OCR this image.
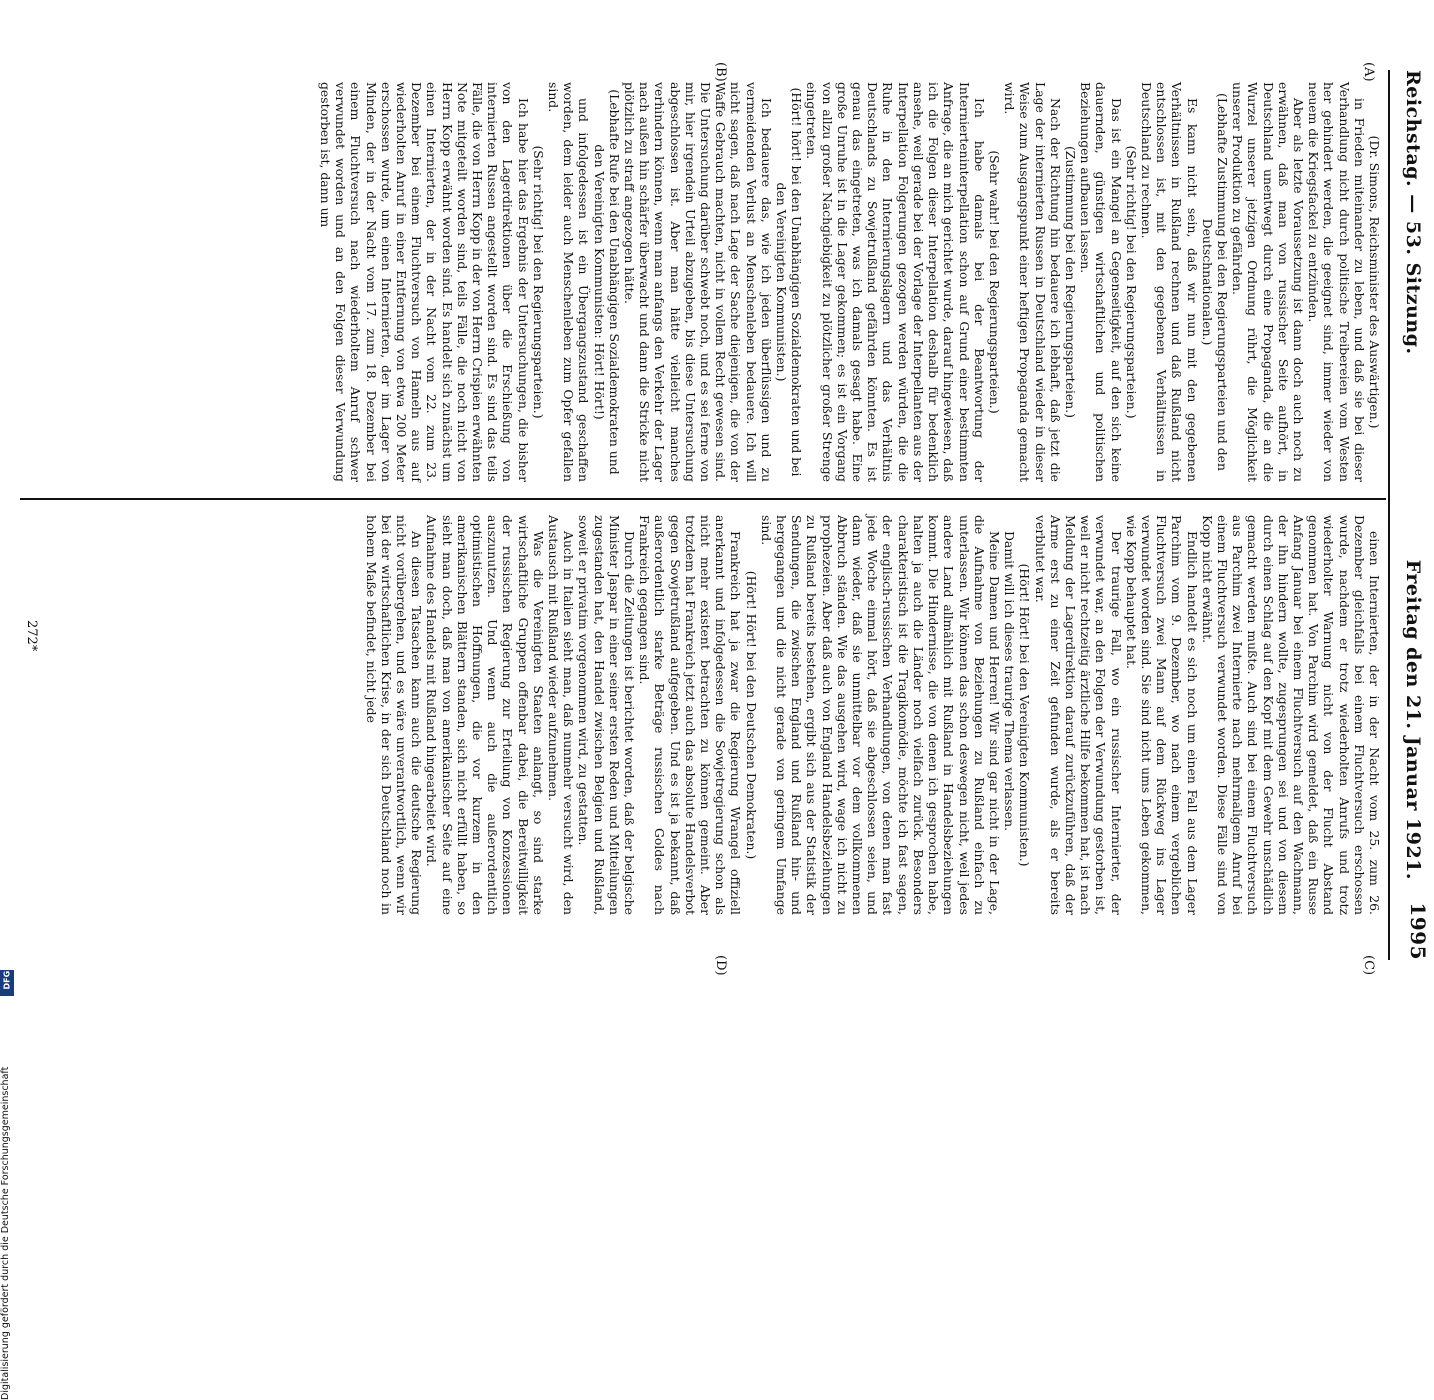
Reichstag. — 53. Sitzung.
Freitag den 21. Januar 1921.
1995
(A)
(B)
(C)
(D)

(Dr. Simons, Reichsminister des Auswärtigen.)

in Frieden miteinander zu leben, und daß sie bei dieser Verhandlung nicht durch politische Treibereien vom Westen her gehindert werden, die geeignet sind, immer wieder von neuem die Kriegsfackel zu entzünden.

Aber als letzte Voraussetzung ist dann doch auch noch zu erwähnen, daß man von russischer Seite aufhört, in Deutschland unentwegt durch eine Propaganda, die an die Wurzel unserer jetzigen Ordnung rührt, die Möglichkeit unserer Produktion zu gefährden.

(Lebhafte Zustimmung bei den Regierungsparteien und den Deutschnationalen.)

Es kann nicht sein, daß wir nun mit den gegebenen Verhältnissen in Rußland rechnen und daß Rußland nicht entschlossen ist, mit den gegebenen Verhältnissen in Deutschland zu rechnen.

(Sehr richtig! bei den Regierungsparteien.)

Das ist ein Mangel an Gegenseitigkeit, auf den sich keine dauernden, günstigen wirtschaftlichen und politischen Beziehungen aufbauen lassen.

(Zustimmung bei den Regierungsparteien.)

Nach der Richtung hin bedauere ich lebhaft, daß jetzt die Lage der internierten Russen in Deutschland wieder in dieser Weise zum Ausgangspunkt einer heftigen Propaganda gemacht wird.

(Sehr wahr! bei den Regierungsparteien.)

Ich habe damals bei der Beantwortung der Internierteninterpellation schon auf Grund einer bestimmten Anfrage, die an mich gerichtet wurde, darauf hingewiesen, daß ich die Folgen dieser Interpellation deshalb für bedenklich ansehe, weil gerade bei der Vorlage der Interpellanten aus der Interpellation Folgerungen gezogen werden würden, die die Ruhe in den Internierungslagern und das Verhältnis Deutschlands zu Sowjetrußland gefährden könnten. Es ist genau das eingetreten, was ich damals gesagt habe. Eine große Unruhe ist in die Lager gekommen; es ist ein Vorgang von allzu großer Nachgiebigkeit zu plötzlicher großer Strenge eingetreten.

(Hört! hört! bei den Unabhängigen Sozialdemokraten und bei den Vereinigten Kommunisten.)

Ich bedauere das, wie ich jeden überflüssigen und zu vermeidenden Verlust an Menschenleben bedauere. Ich will nicht sagen, daß nach Lage der Sache diejenigen, die von der Waffe Gebrauch machten, nicht in vollem Recht gewesen sind. Die Untersuchung darüber schwebt noch, und es sei ferne von mir, hier irgendein Urteil abzugeben, bis diese Untersuchung abgeschlossen ist. Aber man hätte vielleicht manches verhindern können, wenn man anfangs den Verkehr der Lager nach außen hin schärfer überwacht und dann die Stricke nicht plötzlich zu straff angezogen hätte.

(Lebhafte Rufe bei den Unabhängigen Sozialdemokraten und den Vereinigten Kommunisten: Hört! Hört!)

und infolgedessen ist ein Übergangszustand geschaffen worden, dem leider auch Menschenleben zum Opfer gefallen sind.

(Sehr richtig! bei den Regierungsparteien.)

Ich habe hier das Ergebnis der Untersuchungen, die bisher von den Lagerdirektionen über die Erschießung von internierten Russen angestellt worden sind. Es sind das teils Fälle, die von Herrn Kopp in der von Herrn Crispien erwähnten Note mitgeteilt worden sind, teils Fälle, die noch nicht von Herrn Kopp erwähnt worden sind. Es handelt sich zunächst um einen Internierten, der in der Nacht vom 22. zum 23. Dezember bei einem Fluchtversuch von Hameln aus auf wiederholten Anruf in einer Entfernung von etwa 200 Meter erschossen wurde, um einen Internierten, der im Lager von Minden, der in der Nacht vom 17. zum 18. Dezember bei einem Fluchtversuch nach wiederholtem Anruf schwer verwundet worden und an den Folgen dieser Verwundung gestorben ist, dann um

einen Internierten, der in der Nacht vom 25. zum 26. Dezember gleichfalls bei einem Fluchtversuch erschossen wurde, nachdem er trotz wiederholten Anrufs und trotz wiederholter Warnung nicht von der Flucht Abstand genommen hat. Von Parchim wird gemeldet, daß ein Russe Anfang Januar bei einem Fluchtversuch auf den Wachmann, der ihn hindern wollte, zugesprungen sei und von diesem durch einen Schlag auf den Kopf mit dem Gewehr unschädlich gemacht werden mußte. Auch sind bei einem Fluchtversuch aus Parchim zwei Internierte nach mehrmaligem Anruf bei einem Fluchtversuch verwundet worden. Diese Fälle sind von Kopp nicht erwähnt.

Endlich handelt es sich noch um einen Fall aus dem Lager Parchim vom 9. Dezember, wo nach einem vergeblichen Fluchtversuch zwei Mann auf dem Rückweg ins Lager verwundet worden sind. Sie sind nicht ums Leben gekommen, wie Kopp behauptet hat.

Der traurige Fall, wo ein russischer Internierter, der verwundet war, an den Folgen der Verwundung gestorben ist, weil er nicht rechtzeitig ärztliche Hilfe bekommen hat, ist nach Meldung der Lagerdirektion darauf zurückzuführen, daß der Arme erst zu einer Zeit gefunden wurde, als er bereits verblutet war.

(Hört! Hört! bei den Vereinigten Kommunisten.)

Damit will ich dieses traurige Thema verlassen.

Meine Damen und Herren! Wir sind gar nicht in der Lage, die Aufnahme von Beziehungen zu Rußland einfach zu unterlassen. Wir können das schon deswegen nicht, weil jedes andere Land allmählich mit Rußland in Handelsbeziehungen kommt. Die Hindernisse, die von denen ich gesprochen habe, halten ja auch die Länder noch vielfach zurück. Besonders charakteristisch ist die Tragikomödie, möchte ich fast sagen, der englisch-russischen Verhandlungen, von denen man fast jede Woche einmal hört, daß sie abgeschlossen seien, und dann wieder, daß sie unmittelbar vor dem vollkommenen Abbruch ständen. Wie das ausgehen wird, wage ich nicht zu prophezeien. Aber daß auch von England Handelsbeziehungen zu Rußland bereits bestehen, ergibt sich aus der Statistik der Sendungen, die zwischen England und Rußland hin- und hergegangen und die nicht gerade von geringem Umfange sind.

(Hört! Hört! bei den Deutschen Demokraten.)

Frankreich hat ja zwar die Regierung Wrangel offiziell anerkannt und infolgedessen die Sowjetregierung schon als nicht mehr existent betrachten zu können gemeint. Aber trotzdem hat Frankreich jetzt auch das absolute Handelsverbot gegen Sowjetrußland aufgegeben. Und es ist ja bekannt, daß außerordentlich starke Beträge russischen Goldes nach Frankreich gegangen sind.

Durch die Zeitungen ist berichtet worden, daß der belgische Minister Jaspar in einer seiner ersten Reden und Mitteilungen zugestanden hat, den Handel zwischen Belgien und Rußland, soweit er privatim vorgenommen wird, zu gestatten.

Auch in Italien sieht man, daß nunmehr versucht wird, den Austausch mit Rußland wieder aufzunehmen.

Was die Vereinigten Staaten anlangt, so sind starke wirtschaftliche Gruppen offenbar dabei, die Bereitwilligkeit der russischen Regierung zur Erteilung von Konzessionen auszunutzen. Und wenn auch die außerordentlich optimistischen Hoffnungen, die vor kurzem in den amerikanischen Blättern standen, sich nicht erfüllt haben, so sieht man doch, daß man von amerikanischer Seite auf eine Aufnahme des Handels mit Rußland hingearbeitet wird.

An diesen Tatsachen kann auch die deutsche Regierung nicht vorübergehen, und es wäre unverantwortlich, wenn wir bei der wirtschaftlichen Krise, in der sich Deutschland noch in hohem Maße befindet, nicht jede

272*
Digitalisierung gefördert durch die Deutsche Forschungsgemeinschaft
DFG
